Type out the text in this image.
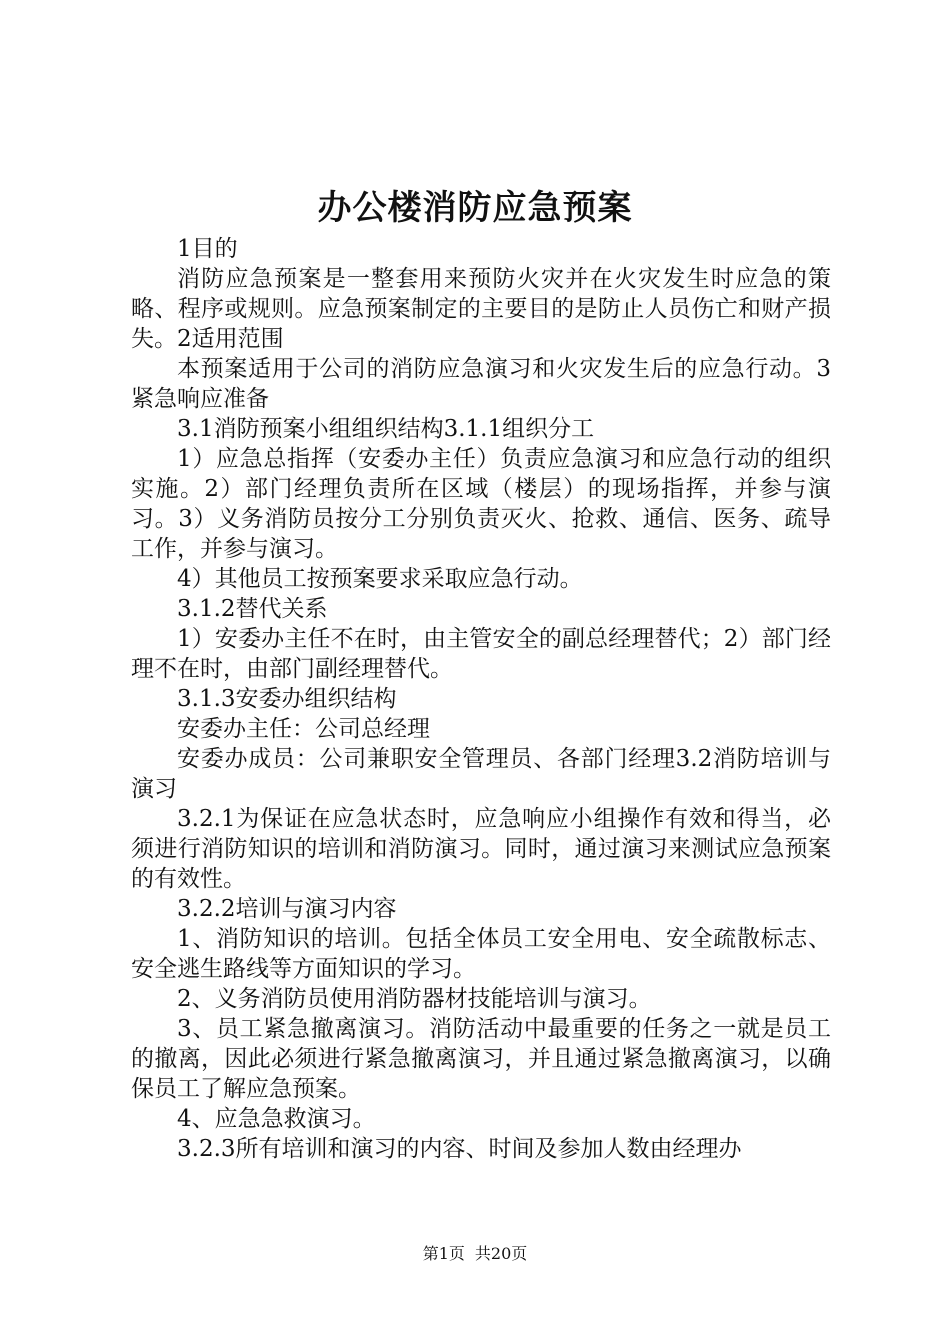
办公楼消防应急预案

1目的

消防应急预案是一整套用来预防火灾并在火灾发生时应急的策略、程序或规则。应急预案制定的主要目的是防止人员伤亡和财产损失。2适用范围

本预案适用于公司的消防应急演习和火灾发生后的应急行动。3紧急响应准备

3.1消防预案小组组织结构3.1.1组织分工

1）应急总指挥（安委办主任）负责应急演习和应急行动的组织实施。2）部门经理负责所在区域（楼层）的现场指挥，并参与演习。3）义务消防员按分工分别负责灭火、抢救、通信、医务、疏导工作，并参与演习。

4）其他员工按预案要求采取应急行动。

3.1.2替代关系

1）安委办主任不在时，由主管安全的副总经理替代；2）部门经理不在时，由部门副经理替代。

3.1.3安委办组织结构

安委办主任：公司总经理

安委办成员：公司兼职安全管理员、各部门经理3.2消防培训与演习

3.2.1为保证在应急状态时，应急响应小组操作有效和得当，必须进行消防知识的培训和消防演习。同时，通过演习来测试应急预案的有效性。

3.2.2培训与演习内容

1、消防知识的培训。包括全体员工安全用电、安全疏散标志、安全逃生路线等方面知识的学习。

2、义务消防员使用消防器材技能培训与演习。

3、员工紧急撤离演习。消防活动中最重要的任务之一就是员工的撤离，因此必须进行紧急撤离演习，并且通过紧急撤离演习，以确保员工了解应急预案。

4、应急急救演习。

3.2.3所有培训和演习的内容、时间及参加人数由经理办

第1页 共20页
